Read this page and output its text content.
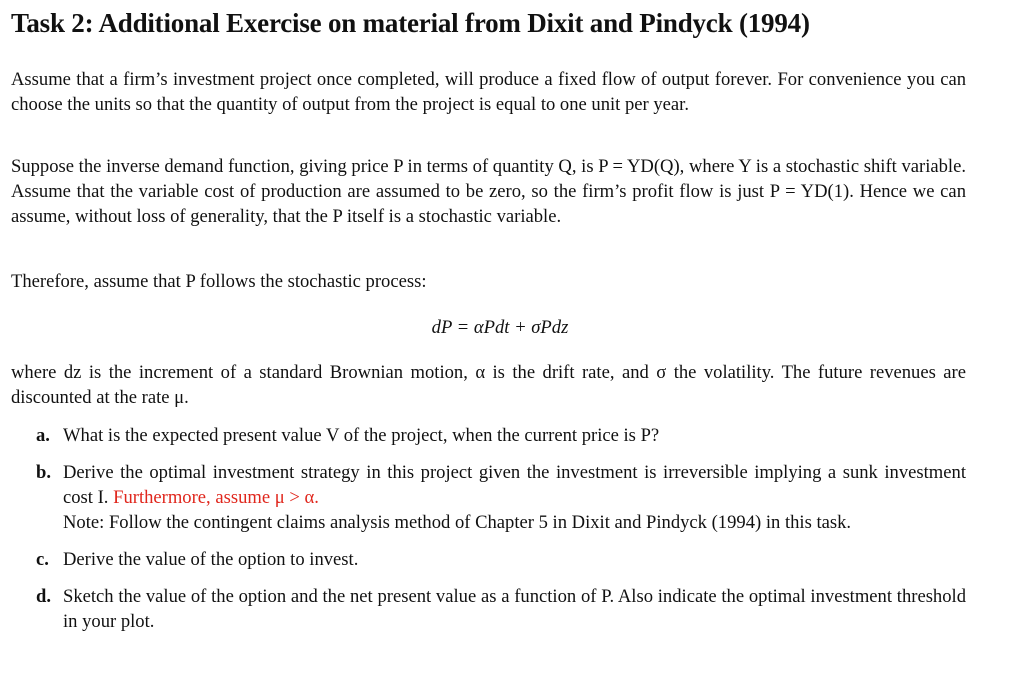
Task 2: Additional Exercise on material from Dixit and Pindyck (1994)

Assume that a firm’s investment project once completed, will produce a fixed flow of output forever. For convenience you can choose the units so that the quantity of output from the project is equal to one unit per year.

Suppose the inverse demand function, giving price P in terms of quantity Q, is P = YD(Q), where Y is a stochastic shift variable. Assume that the variable cost of production are assumed to be zero, so the firm’s profit flow is just P = YD(1). Hence we can assume, without loss of generality, that the P itself is a stochastic variable.

Therefore, assume that P follows the stochastic process:

dP = αPdt + σPdz

where dz is the increment of a standard Brownian motion, α is the drift rate, and σ the volatility. The future revenues are discounted at the rate μ.

a. What is the expected present value V of the project, when the current price is P?
b. Derive the optimal investment strategy in this project given the investment is irreversible implying a sunk investment cost I. Furthermore, assume μ > α.
Note: Follow the contingent claims analysis method of Chapter 5 in Dixit and Pindyck (1994) in this task.
c. Derive the value of the option to invest.
d. Sketch the value of the option and the net present value as a function of P. Also indicate the optimal investment threshold in your plot.
